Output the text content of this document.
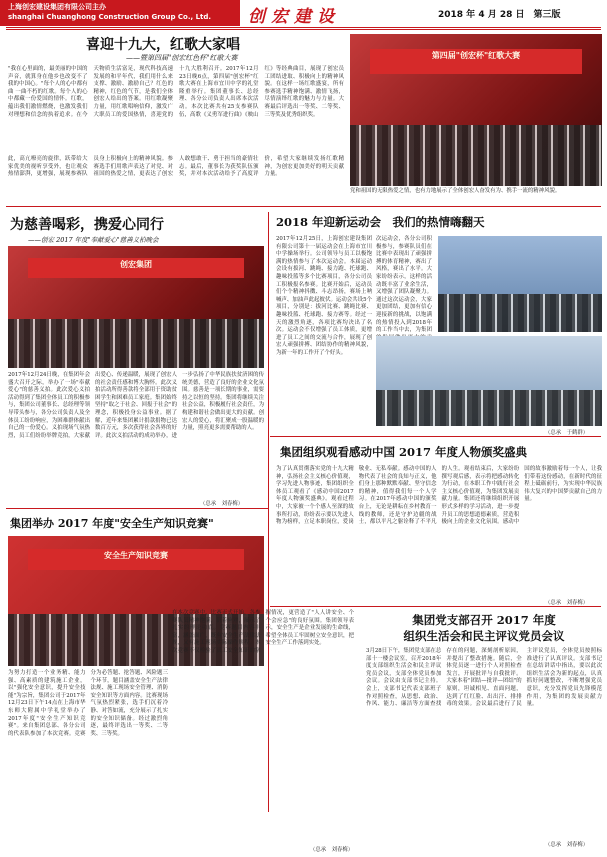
上海创宏建设集团有限公司主办
shanghai Chuanghong Construction Group Co., Ltd. 创宏建设	2018 年 4 月 28 日　第三版
喜迎十九大，红歌大家唱
——暨第四届"创宏红色杯"红歌大赛
"我在心里面的，最美丽的中国的声音，就算身在他乡也改变不了我的中国心。"每个人的心中都有曲 一曲不朽的红歌。每个人的心中都藏一份爱国的情怀。红歌，蕴出我们激情燃烧，也激发我们对理想和信念的执着追求。在今天物质生活富足，现代科技高速发展的和平年代，我们用什么来支撑、激励、激励自己？红色的精神，红色的气节，是我们全体创宏人给出的答案。用红歌凝聚力量，用红歌唱响信仰，激发广大职员工的爱国热情，喜迎党的十九大胜利召开。2017年12月23日晚6点，第四届"创宏杯"红歌大赛在上海市宜川中学的礼堂隆重举行。集团董事长、总经理、各分公司负责人出席本次活动。本次比赛共有25支参赛队伍，高歌《义勇军进行曲》《映山红》等经典曲目，展现了创宏员工团结进取、积极向上的精神风貌。在这样一场红歌盛宴，所有参赛选手精神饱满、激情飞扬，尽情演绎红歌的魅力与力量。大赛最后评选出一等奖、二等奖、三等奖及优秀组织奖。
此，高亢嘹亮的旋律，跃带给大家优美的视听享受外，也让观众热情澎湃，更增强，展现参赛队员身上积极向上的精神风貌。参赛选手们用歌声表达了对党、对祖国的热爱之情，更表达了创宏人敢想敢干、勇于担当的豪情壮志。最后，董事长为获奖队伍颁奖，并对本次活动给予了高度评价，希望大家继续发扬红歌精神，为创宏更加美好的明天贡献力量。
第四届"创宏杯"红歌大赛
党和祖国的无限热爱之情，也有力地展示了全体创宏人奋发有为、携手一流的精神风貌。
为慈善喝彩，携爱心同行
——创宏 2017 年度"奉献爱心"慈善义拍晚会
创宏集团
2017年12月24日晚，在集团年会盛大召开之际，举办了一场"奉献爱心"的慈善义拍。此次爱心义拍活动得到了集团全体员工的积极参与，集团公司董事长、总经理等领导带头参与，各分公司负责人及全体员工纷纷响应，为困难群体献出自己的一份爱心。义拍现场气氛热烈，员工们纷纷举牌竞拍，大家献出爱心、传递温暖，展现了创宏人的社会责任感和博大胸怀。此次义拍活动所得善款将全部用于资助贫困学生和困难员工家庭。集团始终坚持"取之于社会、回报于社会"的理念，积极投身公益事业。据了解，近年来集团累计捐款捐物已达数百万元，多次获得社会各界的好评。此次义拍活动的成功举办，进一步弘扬了中华民族扶贫济困的传统美德，营造了良好的企业文化氛围。慈善是一项长期的事业，需要持之以恒的坚持。集团将继续关注社会公益，积极履行社会责任，为构建和谐社会做出更大的贡献。创宏人的爱心，将汇聚成一股温暖的力量，照亮更多需要帮助的人。
（总承　刘春梅）
2018 年迎新运动会　我们的热情嗨翻天
2017年12月25日，上海创宏建设集团有限公司第十一届运动会在上海市宜川中学操场举行。公司领导与员工以极饱满的热情参与了本次运动会。本届运动会设有拔河、跳绳、接力跑、托球跑、趣味投篮等多个比赛项目，各分公司员工积极报名参赛。比赛开始后，运动员们个个精神抖擞、斗志昂扬，赛场上呐喊声、加油声此起彼伏。运动会共设5个项目，分别是：拔河比赛、跳绳比赛、趣味投篮、托球跑、接力赛等。经过一天的激烈角逐，各项比赛均决出了名次。运动会不仅增强了员工体质，更增进了员工之间的交流与合作，展现了创宏人顽强拼搏、团结协作的精神风貌，为新一年的工作开了个好头。
次运动会，各分公司积极参与，参赛队员们在比赛中表现出了顽强拼搏的体育精神，赛出了风格，赛出了水平。大家纷纷表示，这样的活动既丰富了业余生活，又增强了团队凝聚力。通过这次运动会，大家更加团结，更加有信心迎接新的挑战，以饱满的热情投入到2018年的工作当中去，为集团
（总承　于鹤群）
集团组织观看感动中国 2017 年度人物颁奖盛典
为了认真贯彻落实党的十九大精神，弘扬社会主义核心价值观，学习先进人物事迹，集团组织全体员工观看了《感动中国2017年度人物颁奖盛典》。观看过程中，大家被一个个感人至深的故事所打动，纷纷表示要以先进人物为榜样，立足本职岗位，爱岗敬业、无私奉献。感动中国的人物代表了社会的良知与正义，他们身上那种默默奉献、坚守信念的精神，值得我们每一个人学习。在2017年感动中国的颁奖台上，无论是耕耘在乡村教育一线的教师，还是守护边疆的战士，都以平凡之躯诠释了不平凡的人生。观看结束后，大家纷纷撰写观后感，表示将把感动转化为行动，在本职工作中践行社会主义核心价值观，为集团发展贡献力量。集团还将继续组织开展形式多样的学习活动，进一步提升员工的思想道德素质，营造积极向上的企业文化氛围。感动中国的故事激励着每一个人，让我们带着这份感动，在新时代的征程上砥砺前行，为实现中华民族伟大复兴的中国梦贡献自己的力量。
（总承　刘春梅）
集团举办 2017 年度"安全生产知识竞赛"
安全生产知识竞赛
为努力打造一个业务精、能力强、高素质的建筑施工企业，以"强化安全意识，提升安全技能"为宗旨，集团公司于2017年12月23日下午14点在上海市华东师大附属中学礼堂举办了2017年度"安全生产知识竞赛"。来自集团总部、各分公司的代表队参加了本次竞赛。竞赛分为必答题、抢答题、风险题三个环节，题目涵盖安全生产法律法规、施工现场安全管理、消防安全知识等方面内容。比赛现场气氛热烈紧张，选手们沉着冷静、对答如流，充分展示了扎实的安全知识储备。经过激烈角逐，最终评选出一等奖、二等奖、三等奖。
在本次竞赛中，比赛正式开始，各参赛队员精神饱满，沉着应对，展示了扎实的理论功底。竞赛题目内容丰富，涵盖面广，既有安全生产法律法规，又有施工现场实际操作规程。本次竞赛不仅检验了员工安全知识的掌握情况，更营造了"人人讲安全、个个会应急"的良好氛围。集团领导表示，安全生产是企业发展的生命线，希望全体员工牢固树立安全意识，把安全生产工作落到实处。
（总承　刘春梅）
集团党支部召开 2017 年度
组织生活会和民主评议党员会议
3月28日下午，集团党支部在总部十一楼会议室，召开2018年度支部组织生活会和民主评议党员会议，支部全体党员参加会议。会议由支部书记主持。会上，支部书记代表支部班子作对照检查，从思想、政治、作风、能力、廉洁等方面查找存在的问题，深刻剖析原因，并提出了整改措施。随后，全体党员逐一进行个人对照检查发言，开展批评与自我批评。大家本着"团结—批评—团结"的原则，坦诚相见、直面问题，达到了红红脸、出出汗、排排毒的效果。会议最后进行了民主评议党员，全体党员按照标准进行了认真评议。支部书记在总结讲话中指出，要以此次组织生活会为新的起点，认真抓好问题整改，不断增强党员意识，充分发挥党员先锋模范作用，为集团的发展贡献力量。
（总承　刘春梅）
